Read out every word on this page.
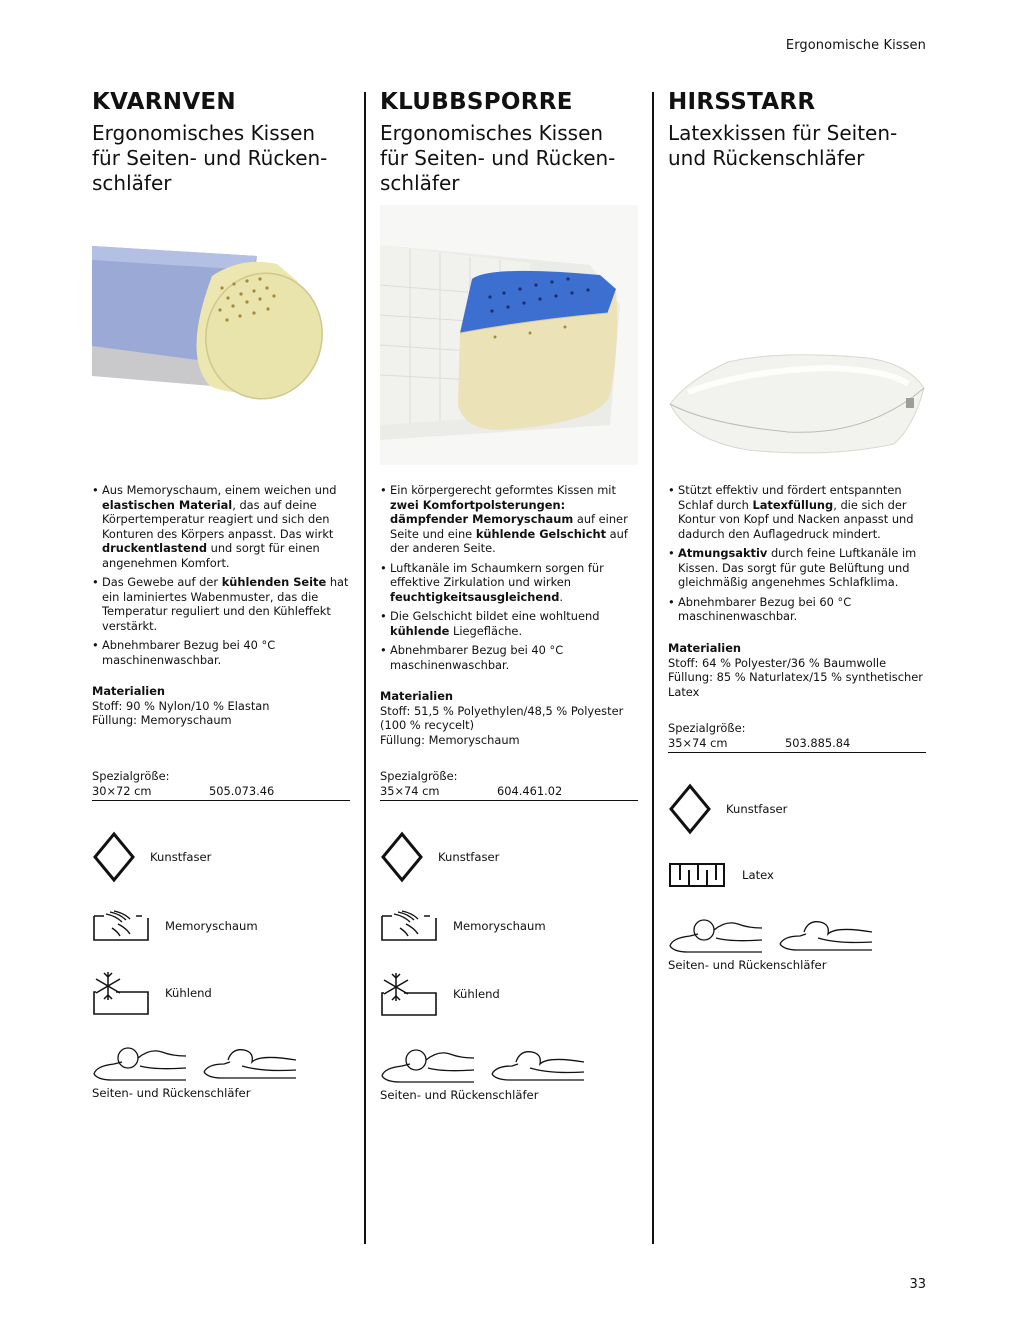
Ergonomische Kissen
KVARNVEN
Ergonomisches Kissen
für Seiten- und Rücken-
schläfer
• Aus Memoryschaum, einem weichen und elastischen Material, das auf deine Körpertemperatur reagiert und sich den Konturen des Körpers anpasst. Das wirkt druckentlastend und sorgt für einen angenehmen Komfort.
• Das Gewebe auf der kühlenden Seite hat ein laminiertes Wabenmuster, das die Temperatur reguliert und den Kühleffekt verstärkt.
• Abnehmbarer Bezug bei 40 °C maschinenwaschbar.
Materialien
Stoff: 90 % Nylon/10 % Elastan
Füllung: Memoryschaum
Spezialgröße:
30×72 cm	505.073.46
Kunstfaser
Memoryschaum
Kühlend
Seiten- und Rückenschläfer
KLUBBSPORRE
Ergonomisches Kissen
für Seiten- und Rücken-
schläfer
• Ein körpergerecht geformtes Kissen mit zwei Komfortpolsterungen: dämpfender Memoryschaum auf einer Seite und eine kühlende Gelschicht auf der anderen Seite.
• Luftkanäle im Schaumkern sorgen für effektive Zirkulation und wirken feuchtigkeitsausgleichend.
• Die Gelschicht bildet eine wohltuend kühlende Liegefläche.
• Abnehmbarer Bezug bei 40 °C maschinenwaschbar.
Materialien
Stoff: 51,5 % Polyethylen/48,5 % Polyester (100 % recycelt)
Füllung: Memoryschaum
Spezialgröße:
35×74 cm	604.461.02
Kunstfaser
Memoryschaum
Kühlend
Seiten- und Rückenschläfer
HIRSSTARR
Latexkissen für Seiten-
und Rückenschläfer
• Stützt effektiv und fördert entspannten Schlaf durch Latexfüllung, die sich der Kontur von Kopf und Nacken anpasst und dadurch den Auflagedruck mindert.
• Atmungsaktiv durch feine Luftkanäle im Kissen. Das sorgt für gute Belüftung und gleichmäßig angenehmes Schlafklima.
• Abnehmbarer Bezug bei 60 °C maschinenwaschbar.
Materialien
Stoff: 64 % Polyester/36 % Baumwolle
Füllung: 85 % Naturlatex/15 % synthetischer Latex
Spezialgröße:
35×74 cm	503.885.84
Kunstfaser
Latex
Seiten- und Rückenschläfer
33
